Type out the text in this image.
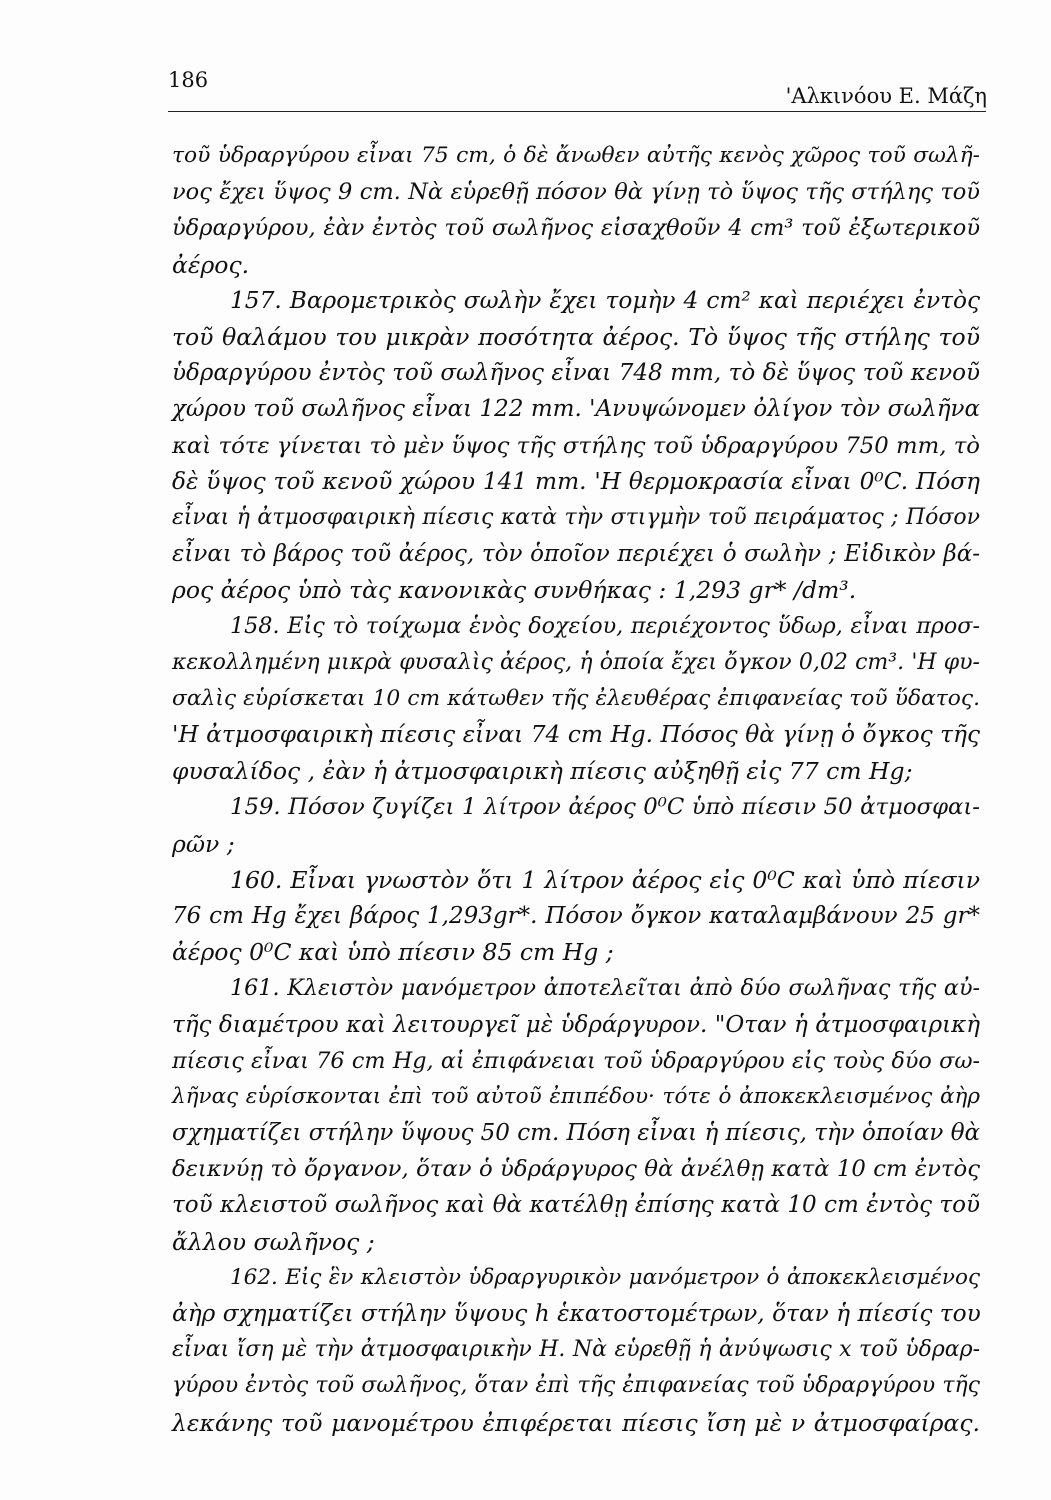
186
'Αλκινόου Ε. Μάζη
τοῦ ὑδραργύρου εἶναι 75 cm, ὁ δὲ ἄνωθεν αὐτῆς κενὸς χῶρος τοῦ σωλῆ-
νος ἔχει ὕψος 9 cm. Νὰ εὑρεθῇ πόσον θὰ γίνῃ τὸ ὕψος τῆς στήλης τοῦ
ὑδραργύρου, ἐὰν ἐντὸς τοῦ σωλῆνος εἰσαχθοῦν 4 cm³ τοῦ ἐξωτερικοῦ
ἀέρος.
157. Βαρομετρικὸς σωλὴν ἔχει τομὴν 4 cm² καὶ περιέχει ἐντὸς
τοῦ θαλάμου του μικρὰν ποσότητα ἀέρος. Τὸ ὕψος τῆς στήλης τοῦ
ὑδραργύρου ἐντὸς τοῦ σωλῆνος εἶναι 748 mm, τὸ δὲ ὕψος τοῦ κενοῦ
χώρου τοῦ σωλῆνος εἶναι 122 mm. 'Ανυψώνομεν ὀλίγον τὸν σωλῆνα
καὶ τότε γίνεται τὸ μὲν ὕψος τῆς στήλης τοῦ ὑδραργύρου 750 mm, τὸ
δὲ ὕψος τοῦ κενοῦ χώρου 141 mm. 'Η θερμοκρασία εἶναι 0⁰C. Πόση
εἶναι ἡ ἀτμοσφαιρικὴ πίεσις κατὰ τὴν στιγμὴν τοῦ πειράματος ; Πόσον
εἶναι τὸ βάρος τοῦ ἀέρος, τὸν ὁποῖον περιέχει ὁ σωλὴν ; Εἰδικὸν βά-
ρος ἀέρος ὑπὸ τὰς κανονικὰς συνθήκας : 1,293 gr* /dm³.
158. Εἰς τὸ τοίχωμα ἑνὸς δοχείου, περιέχοντος ὕδωρ, εἶναι προσ-
κεκολλημένη μικρὰ φυσαλὶς ἀέρος, ἡ ὁποία ἔχει ὄγκον 0,02 cm³. 'Η φυ-
σαλὶς εὑρίσκεται 10 cm κάτωθεν τῆς ἐλευθέρας ἐπιφανείας τοῦ ὕδατος.
'Η ἀτμοσφαιρικὴ πίεσις εἶναι 74 cm Hg. Πόσος θὰ γίνῃ ὁ ὄγκος τῆς
φυσαλίδος , ἐὰν ἡ ἀτμοσφαιρικὴ πίεσις αὐξηθῇ εἰς 77 cm Hg;
159. Πόσον ζυγίζει 1 λίτρον ἀέρος 0⁰C ὑπὸ πίεσιν 50 ἀτμοσφαι-
ρῶν ;
160. Εἶναι γνωστὸν ὅτι 1 λίτρον ἀέρος εἰς 0⁰C καὶ ὑπὸ πίεσιν
76 cm Hg ἔχει βάρος 1,293gr*. Πόσον ὄγκον καταλαμβάνουν 25 gr*
ἀέρος 0⁰C καὶ ὑπὸ πίεσιν 85 cm Hg ;
161. Κλειστὸν μανόμετρον ἀποτελεῖται ἀπὸ δύο σωλῆνας τῆς αὐ-
τῆς διαμέτρου καὶ λειτουργεῖ μὲ ὑδράργυρον. "Οταν ἡ ἀτμοσφαιρικὴ
πίεσις εἶναι 76 cm Hg, αἱ ἐπιφάνειαι τοῦ ὑδραργύρου εἰς τοὺς δύο σω-
λῆνας εὑρίσκονται ἐπὶ τοῦ αὐτοῦ ἐπιπέδου· τότε ὁ ἀποκεκλεισμένος ἀὴρ
σχηματίζει στήλην ὕψους 50 cm. Πόση εἶναι ἡ πίεσις, τὴν ὁποίαν θὰ
δεικνύῃ τὸ ὄργανον, ὅταν ὁ ὑδράργυρος θὰ ἀνέλθῃ κατὰ 10 cm ἐντὸς
τοῦ κλειστοῦ σωλῆνος καὶ θὰ κατέλθῃ ἐπίσης κατὰ 10 cm ἐντὸς τοῦ
ἄλλου σωλῆνος ;
162. Εἰς ἓν κλειστὸν ὑδραργυρικὸν μανόμετρον ὁ ἀποκεκλεισμένος
ἀὴρ σχηματίζει στήλην ὕψους h ἑκατοστομέτρων, ὅταν ἡ πίεσίς του
εἶναι ἴση μὲ τὴν ἀτμοσφαιρικὴν H. Νὰ εὑρεθῇ ἡ ἀνύψωσις x τοῦ ὑδραρ-
γύρου ἐντὸς τοῦ σωλῆνος, ὅταν ἐπὶ τῆς ἐπιφανείας τοῦ ὑδραργύρου τῆς
λεκάνης τοῦ μανομέτρου ἐπιφέρεται πίεσις ἴση μὲ ν ἀτμοσφαίρας.
